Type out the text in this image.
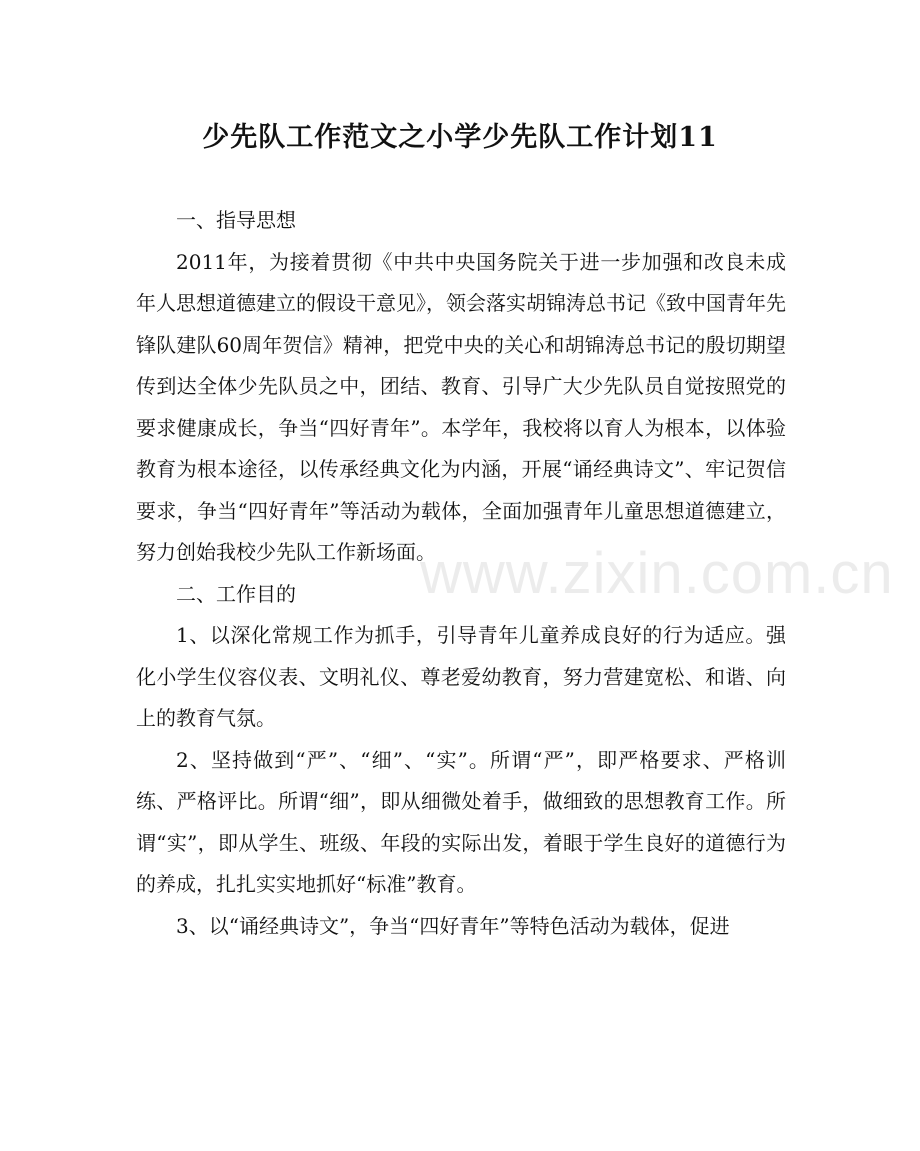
少先队工作范文之小学少先队工作计划11

一、指导思想

2011年，为接着贯彻《中共中央国务院关于进一步加强和改良未成年人思想道德建立的假设干意见》，领会落实胡锦涛总书记《致中国青年先锋队建队60周年贺信》精神，把党中央的关心和胡锦涛总书记的殷切期望传到达全体少先队员之中，团结、教育、引导广大少先队员自觉按照党的要求健康成长，争当“四好青年”。本学年，我校将以育人为根本，以体验教育为根本途径，以传承经典文化为内涵，开展“诵经典诗文”、牢记贺信要求，争当“四好青年”等活动为载体，全面加强青年儿童思想道德建立，努力创始我校少先队工作新场面。

二、工作目的

1、以深化常规工作为抓手，引导青年儿童养成良好的行为适应。强化小学生仪容仪表、文明礼仪、尊老爱幼教育，努力营建宽松、和谐、向上的教育气氛。

2、坚持做到“严”、“细”、“实”。所谓“严”，即严格要求、严格训练、严格评比。所谓“细”，即从细微处着手，做细致的思想教育工作。所谓“实”，即从学生、班级、年段的实际出发，着眼于学生良好的道德行为的养成，扎扎实实地抓好“标准”教育。

3、以“诵经典诗文”，争当“四好青年”等特色活动为载体，促进

www.zixin.com.cn
